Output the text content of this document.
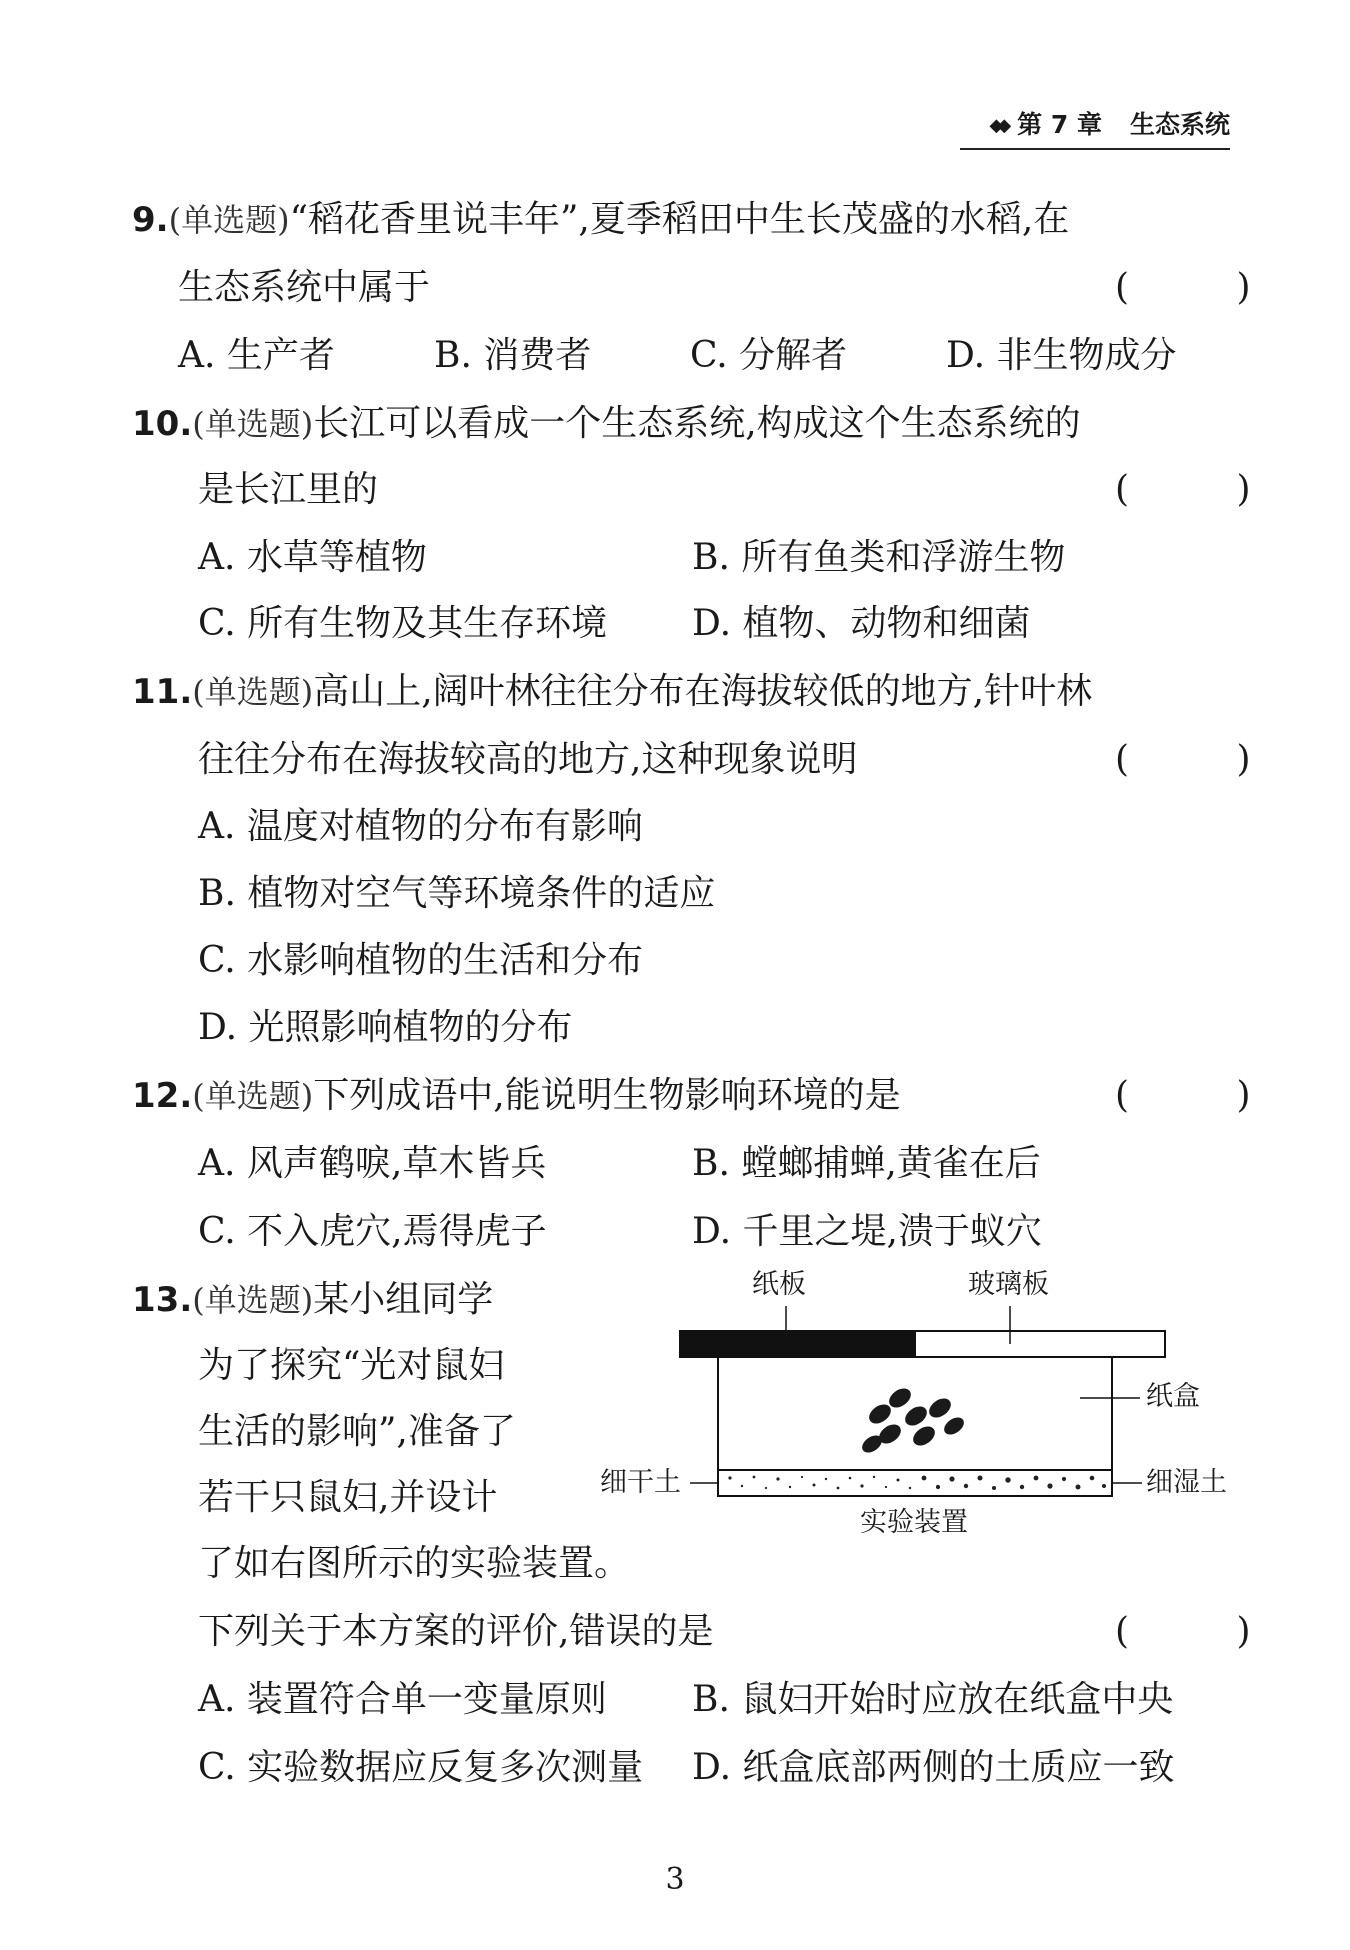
◆◆ 第 7 章 生态系统
9.(单选题)“稻花香里说丰年”,夏季稻田中生长茂盛的水稻,在
生态系统中属于	( )
A. 生产者	B. 消费者	C. 分解者	D. 非生物成分
10.(单选题)长江可以看成一个生态系统,构成这个生态系统的
是长江里的	( )
A. 水草等植物	B. 所有鱼类和浮游生物
C. 所有生物及其生存环境 D. 植物、动物和细菌
11.(单选题)高山上,阔叶林往往分布在海拔较低的地方,针叶林
往往分布在海拔较高的地方,这种现象说明	( )
A. 温度对植物的分布有影响
B. 植物对空气等环境条件的适应
C. 水影响植物的生活和分布
D. 光照影响植物的分布
12.(单选题)下列成语中,能说明生物影响环境的是	( )
A. 风声鹤唳,草木皆兵	B. 螳螂捕蝉,黄雀在后
C. 不入虎穴,焉得虎子	D. 千里之堤,溃于蚁穴
13.(单选题)某小组同学
为了探究“光对鼠妇
生活的影响”,准备了
若干只鼠妇,并设计
了如右图所示的实验装置。
下列关于本方案的评价,错误的是	( )
A. 装置符合单一变量原则 B. 鼠妇开始时应放在纸盒中央
C. 实验数据应反复多次测量 D. 纸盒底部两侧的土质应一致
纸板	玻璃板
纸盒
细干土	细湿土
实验装置
3
